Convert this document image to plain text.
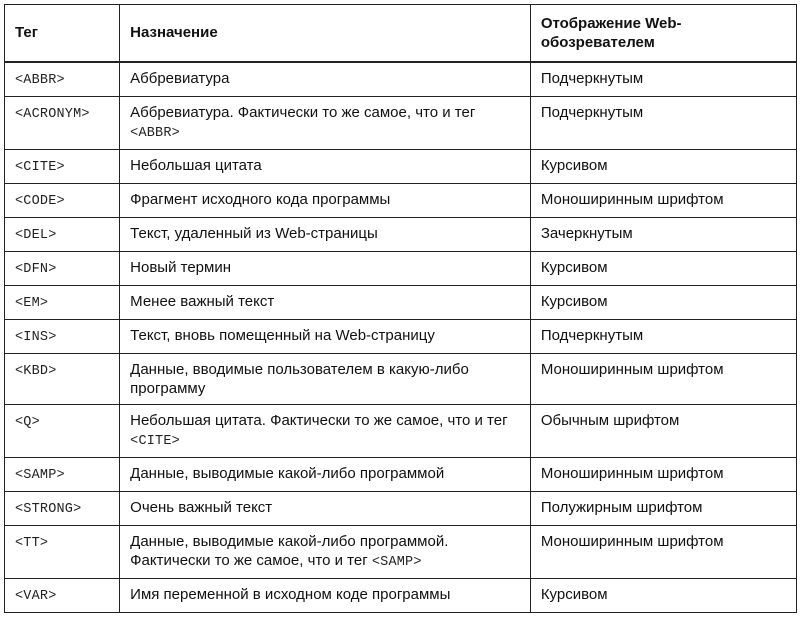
Тег	Назначение	Отображение Web-обозревателем
<ABBR>	Аббревиатура	Подчеркнутым
<ACRONYM>	Аббревиатура. Фактически то же самое, что и тег <ABBR>	Подчеркнутым
<CITE>	Небольшая цитата	Курсивом
<CODE>	Фрагмент исходного кода программы	Моноширинным шрифтом
<DEL>	Текст, удаленный из Web-страницы	Зачеркнутым
<DFN>	Новый термин	Курсивом
<EM>	Менее важный текст	Курсивом
<INS>	Текст, вновь помещенный на Web-страницу	Подчеркнутым
<KBD>	Данные, вводимые пользователем в какую-либо программу	Моноширинным шрифтом
<Q>	Небольшая цитата. Фактически то же самое, что и тег <CITE>	Обычным шрифтом
<SAMP>	Данные, выводимые какой-либо программой	Моноширинным шрифтом
<STRONG>	Очень важный текст	Полужирным шрифтом
<TT>	Данные, выводимые какой-либо программой. Фактически то же самое, что и тег <SAMP>	Моноширинным шрифтом
<VAR>	Имя переменной в исходном коде программы	Курсивом
